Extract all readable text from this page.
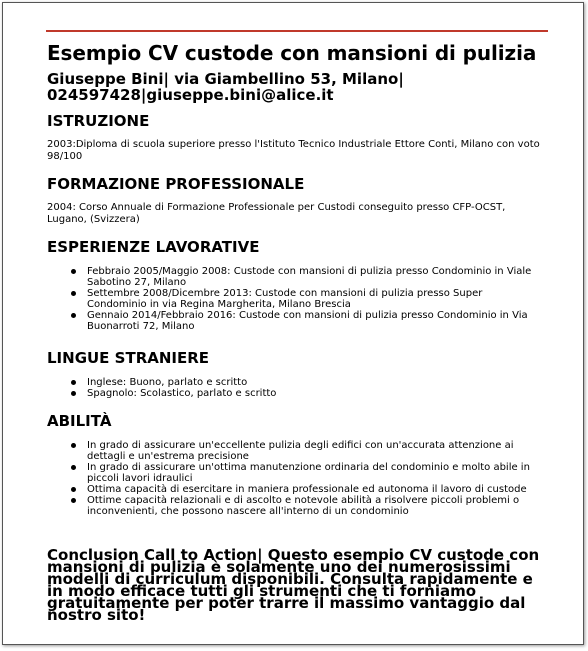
Esempio CV custode con mansioni di pulizia
Giuseppe Bini| via Giambellino 53, Milano| 024597428|giuseppe.bini@alice.it
ISTRUZIONE
2003:Diploma di scuola superiore presso l'Istituto Tecnico Industriale Ettore Conti, Milano con voto 98/100
FORMAZIONE PROFESSIONALE
2004: Corso Annuale di Formazione Professionale per Custodi conseguito presso CFP-OCST, Lugano, (Svizzera)
ESPERIENZE LAVORATIVE
Febbraio 2005/Maggio 2008: Custode con mansioni di pulizia presso Condominio in Viale Sabotino 27, Milano
Settembre 2008/Dicembre 2013: Custode con mansioni di pulizia presso Super Condominio in via Regina Margherita, Milano Brescia
Gennaio 2014/Febbraio 2016: Custode con mansioni di pulizia presso Condominio in Via Buonarroti 72, Milano
LINGUE STRANIERE
Inglese: Buono, parlato e scritto
Spagnolo: Scolastico, parlato e scritto
ABILITÀ
In grado di assicurare un'eccellente pulizia degli edifici con un'accurata attenzione ai dettagli e un'estrema precisione
In grado di assicurare un'ottima manutenzione ordinaria del condominio e molto abile in piccoli lavori idraulici
Ottima capacità di esercitare in maniera professionale ed autonoma il lavoro di custode
Ottime capacità relazionali e di ascolto e notevole abilità a risolvere piccoli problemi o inconvenienti, che possono nascere all'interno di un condominio
Conclusion Call to Action| Questo esempio CV custode con mansioni di pulizia è solamente uno dei numerosissimi modelli di curriculum disponibili. Consulta rapidamente e in modo efficace tutti gli strumenti che ti forniamo gratuitamente per poter trarre il massimo vantaggio dal nostro sito!
